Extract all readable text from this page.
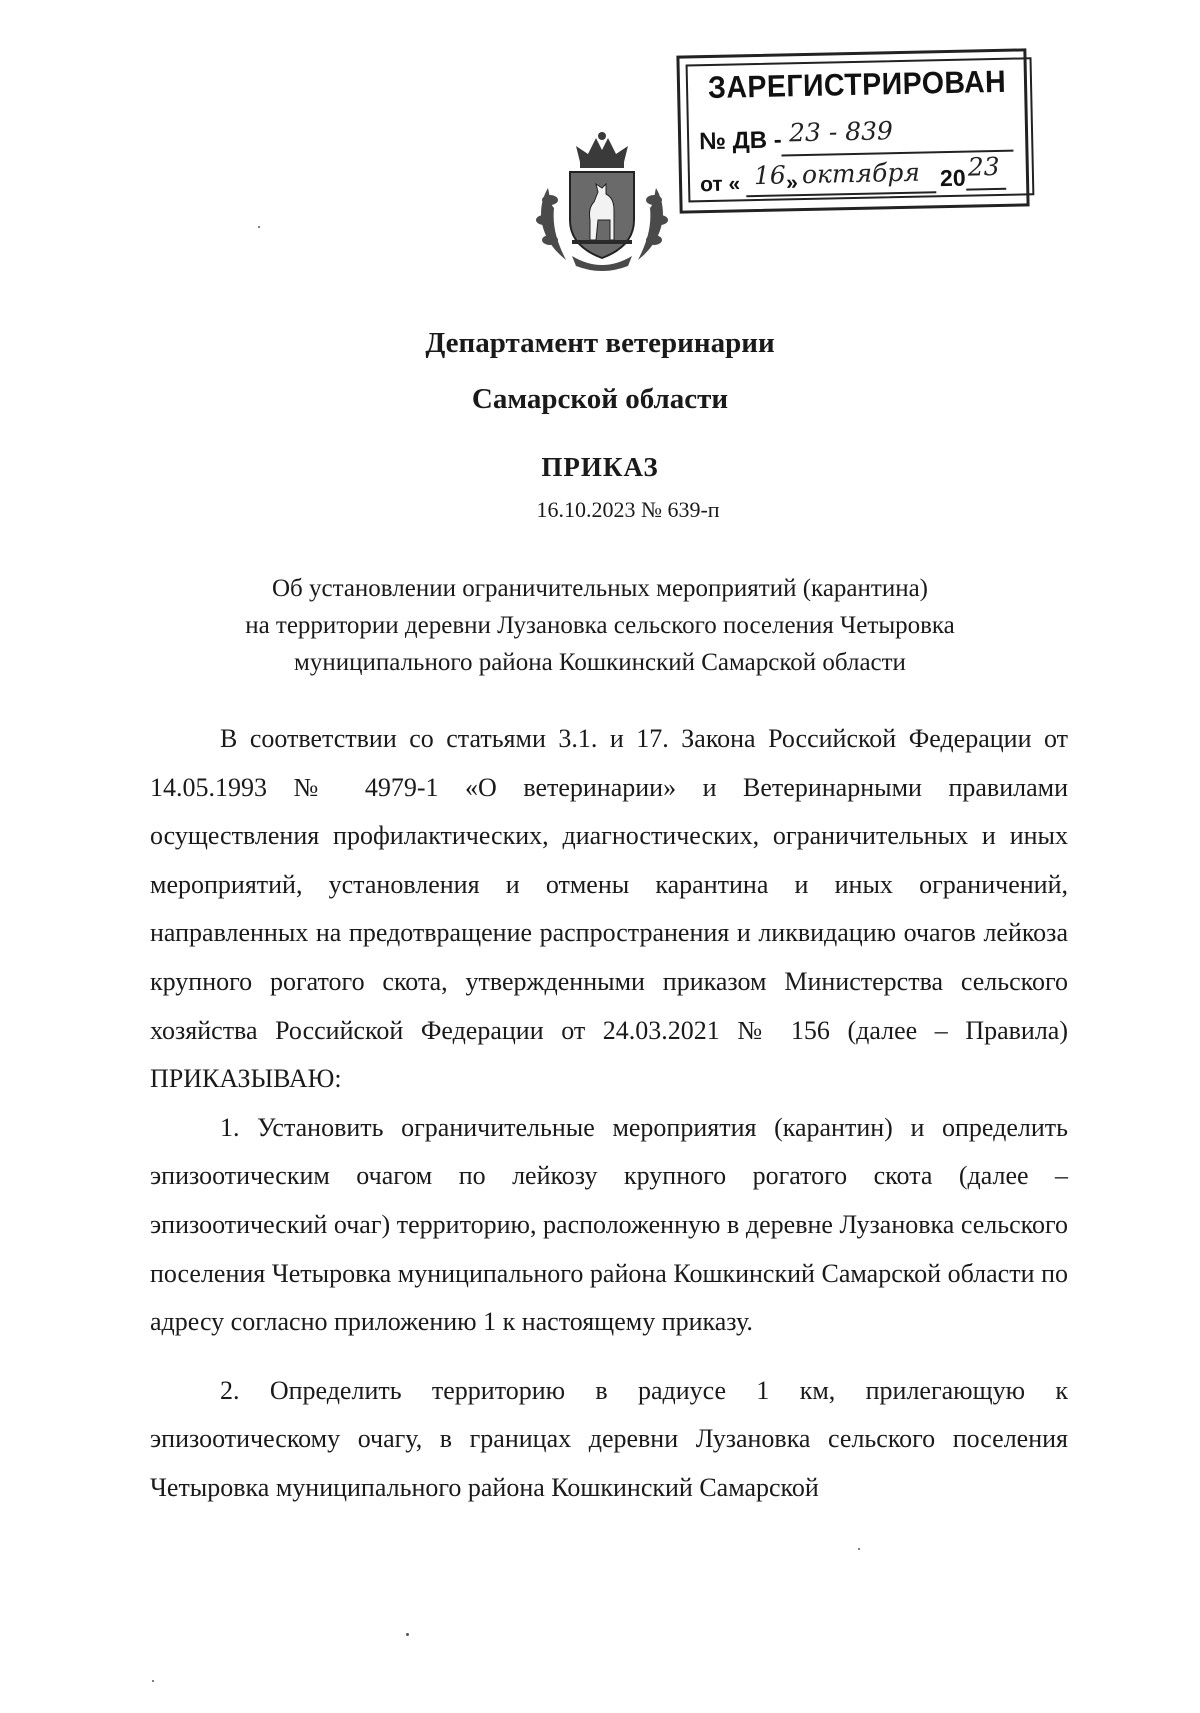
ЗАРЕГИСТРИРОВАН
№ ДВ - 23 - 839
от « 16 » октября 20 23
Департамент ветеринарии
Самарской области
ПРИКАЗ
16.10.2023 № 639-п
Об установлении ограничительных мероприятий (карантина)
на территории деревни Лузановка сельского поселения Четыровка
муниципального района Кошкинский Самарской области

В соответствии со статьями 3.1. и 17. Закона Российской Федерации от 14.05.1993 № 4979-1 «О ветеринарии» и Ветеринарными правилами осуществления профилактических, диагностических, ограничительных и иных мероприятий, установления и отмены карантина и иных ограничений, направленных на предотвращение распространения и ликвидацию очагов лейкоза крупного рогатого скота, утвержденными приказом Министерства сельского хозяйства Российской Федерации от 24.03.2021 № 156 (далее – Правила) ПРИКАЗЫВАЮ:

1. Установить ограничительные мероприятия (карантин) и определить эпизоотическим очагом по лейкозу крупного рогатого скота (далее – эпизоотический очаг) территорию, расположенную в деревне Лузановка сельского поселения Четыровка муниципального района Кошкинский Самарской области по адресу согласно приложению 1 к настоящему приказу.

2. Определить территорию в радиусе 1 км, прилегающую к эпизоотическому очагу, в границах деревни Лузановка сельского поселения Четыровка муниципального района Кошкинский Самарской
